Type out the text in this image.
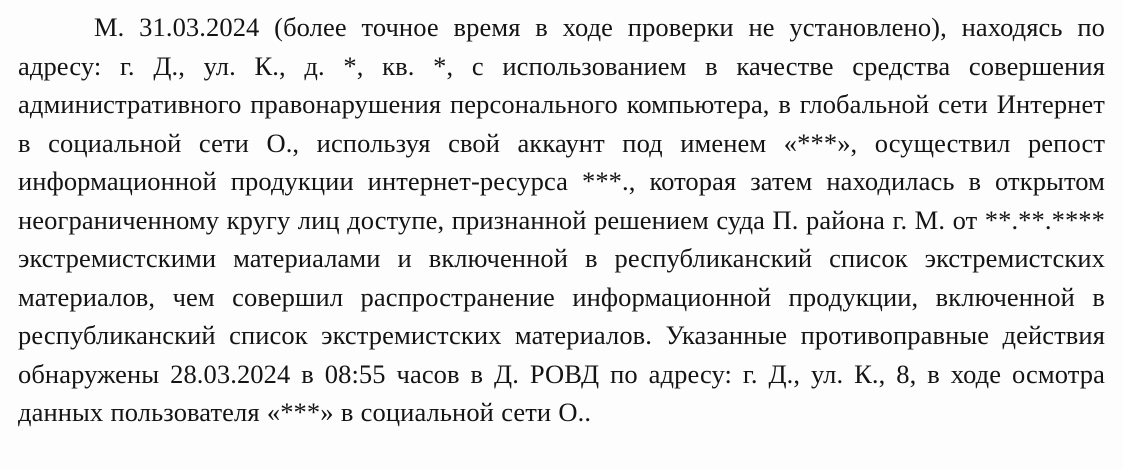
М. 31.03.2024 (более точное время в ходе проверки не установлено), находясь по адресу: г. Д., ул. К., д. *, кв. *, с использованием в качестве средства совершения административного правонарушения персонального компьютера, в глобальной сети Интернет в социальной сети О., используя свой аккаунт под именем «***», осуществил репост информационной продукции интернет-ресурса ***., которая затем находилась в открытом неограниченному кругу лиц доступе, признанной решением суда П. района г. М. от **.**.**** экстремистскими материалами и включенной в республиканский список экстремистских материалов, чем совершил распространение информационной продукции, включенной в республиканский список экстремистских материалов. Указанные противоправные действия обнаружены 28.03.2024 в 08:55 часов в Д. РОВД по адресу: г. Д., ул. К., 8, в ходе осмотра данных пользователя «***» в социальной сети О..
